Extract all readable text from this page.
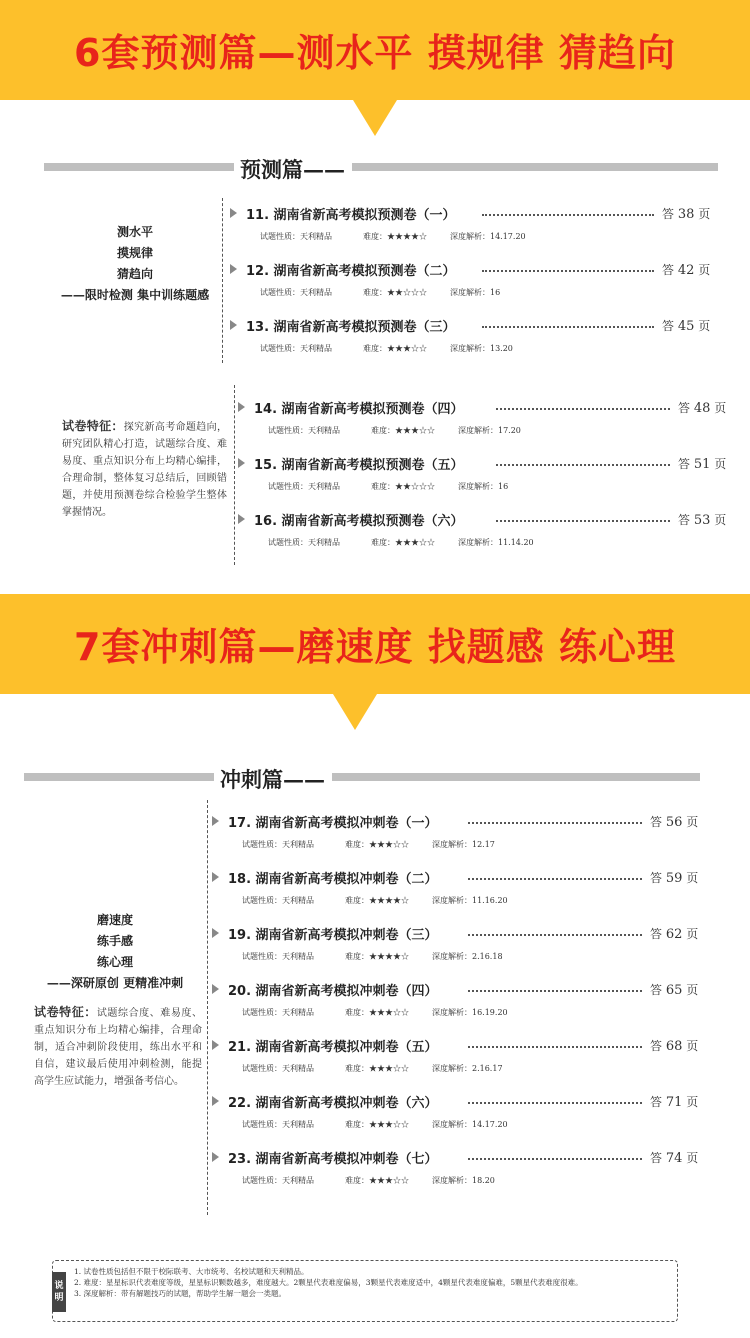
6套预测篇—测水平 摸规律 猜趋向
预测篇——
测水平
摸规律
猜趋向
——限时检测 集中训练题感
试卷特征：探究新高考命题趋向，研究团队精心打造，试题综合度、难易度、重点知识分布上均精心编排，合理命制，整体复习总结后，回顾错题，并使用预测卷综合检验学生整体掌握情况。
7套冲刺篇—磨速度 找题感 练心理
冲刺篇——
磨速度
练手感
练心理
——深研原创 更精准冲刺
试卷特征：试题综合度、难易度、重点知识分布上均精心编排，合理命制，适合冲刺阶段使用，练出水平和自信，建议最后使用冲刺检测，能提高学生应试能力，增强备考信心。
11. 湖南省新高考模拟预测卷（一）	答 38 页
试题性质：天利精品	难度：★★★★☆	深度解析：14.17.20
12. 湖南省新高考模拟预测卷（二）	答 42 页
试题性质：天利精品	难度：★★☆☆☆	深度解析：16
13. 湖南省新高考模拟预测卷（三）	答 45 页
试题性质：天利精品	难度：★★★☆☆	深度解析：13.20
14. 湖南省新高考模拟预测卷（四）	答 48 页
试题性质：天利精品	难度：★★★☆☆	深度解析：17.20
15. 湖南省新高考模拟预测卷（五）	答 51 页
试题性质：天利精品	难度：★★☆☆☆	深度解析：16
16. 湖南省新高考模拟预测卷（六）	答 53 页
试题性质：天利精品	难度：★★★☆☆	深度解析：11.14.20
17. 湖南省新高考模拟冲刺卷（一）	答 56 页
试题性质：天利精品	难度：★★★☆☆	深度解析：12.17
18. 湖南省新高考模拟冲刺卷（二）	答 59 页
试题性质：天利精品	难度：★★★★☆	深度解析：11.16.20
19. 湖南省新高考模拟冲刺卷（三）	答 62 页
试题性质：天利精品	难度：★★★★☆	深度解析：2.16.18
20. 湖南省新高考模拟冲刺卷（四）	答 65 页
试题性质：天利精品	难度：★★★☆☆	深度解析：16.19.20
21. 湖南省新高考模拟冲刺卷（五）	答 68 页
试题性质：天利精品	难度：★★★☆☆	深度解析：2.16.17
22. 湖南省新高考模拟冲刺卷（六）	答 71 页
试题性质：天利精品	难度：★★★☆☆	深度解析：14.17.20
23. 湖南省新高考模拟冲刺卷（七）	答 74 页
试题性质：天利精品	难度：★★★☆☆	深度解析：18.20
说明
1. 试卷性质包括但不限于校际联考、大市统考、名校试题和天利精品。
2. 难度：星星标识代表难度等级，星星标识颗数越多，难度越大。2颗星代表难度偏易，3颗星代表难度适中，4颗星代表难度偏难，5颗星代表难度很难。
3. 深度解析：带有解题技巧的试题，帮助学生解一题会一类题。
